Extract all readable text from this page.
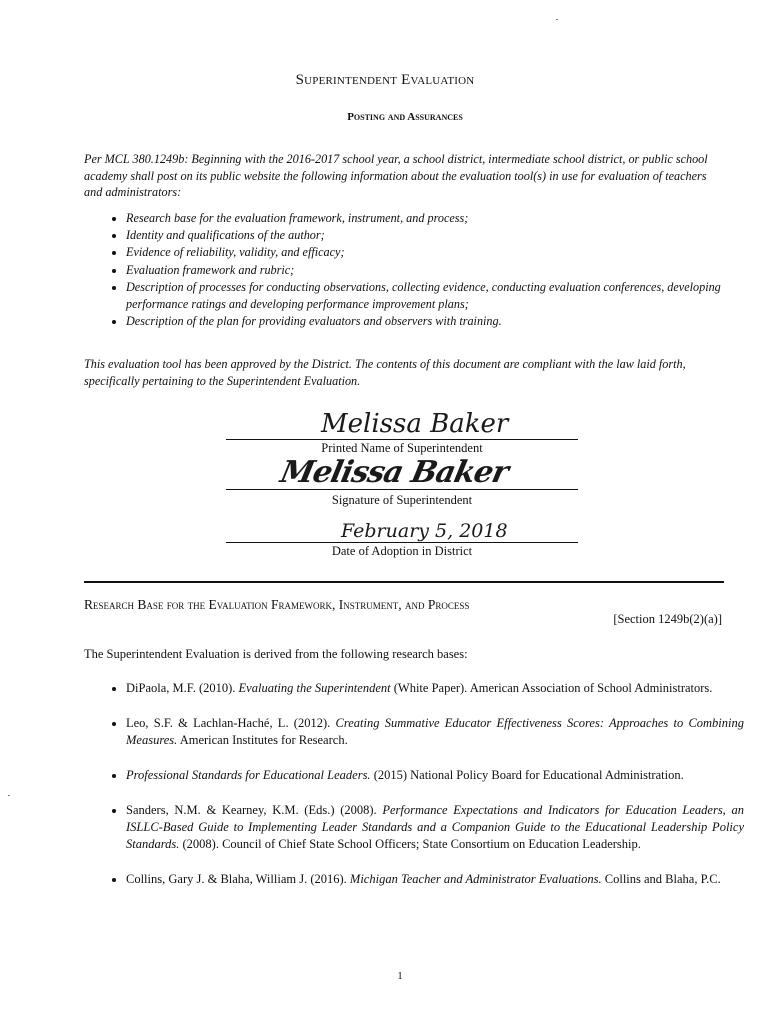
Superintendent Evaluation
Posting and Assurances

Per MCL 380.1249b: Beginning with the 2016-2017 school year, a school district, intermediate school district, or public school academy shall post on its public website the following information about the evaluation tool(s) in use for evaluation of teachers and administrators:

• Research base for the evaluation framework, instrument, and process;
• Identity and qualifications of the author;
• Evidence of reliability, validity, and efficacy;
• Evaluation framework and rubric;
• Description of processes for conducting observations, collecting evidence, conducting evaluation conferences, developing performance ratings and developing performance improvement plans;
• Description of the plan for providing evaluators and observers with training.

This evaluation tool has been approved by the District. The contents of this document are compliant with the law laid forth, specifically pertaining to the Superintendent Evaluation.

Melissa Baker
Printed Name of Superintendent
Melissa Baker
Signature of Superintendent
February 5, 2018
Date of Adoption in District
Research Base for the Evaluation Framework, Instrument, and Process
[Section 1249b(2)(a)]
The Superintendent Evaluation is derived from the following research bases:
• DiPaola, M.F. (2010). Evaluating the Superintendent (White Paper). American Association of School Administrators.
• Leo, S.F. & Lachlan-Haché, L. (2012). Creating Summative Educator Effectiveness Scores: Approaches to Combining Measures. American Institutes for Research.
• Professional Standards for Educational Leaders. (2015) National Policy Board for Educational Administration.
• Sanders, N.M. & Kearney, K.M. (Eds.) (2008). Performance Expectations and Indicators for Education Leaders, an ISLLC-Based Guide to Implementing Leader Standards and a Companion Guide to the Educational Leadership Policy Standards. (2008). Council of Chief State School Officers; State Consortium on Education Leadership.
• Collins, Gary J. & Blaha, William J. (2016). Michigan Teacher and Administrator Evaluations. Collins and Blaha, P.C.
1
